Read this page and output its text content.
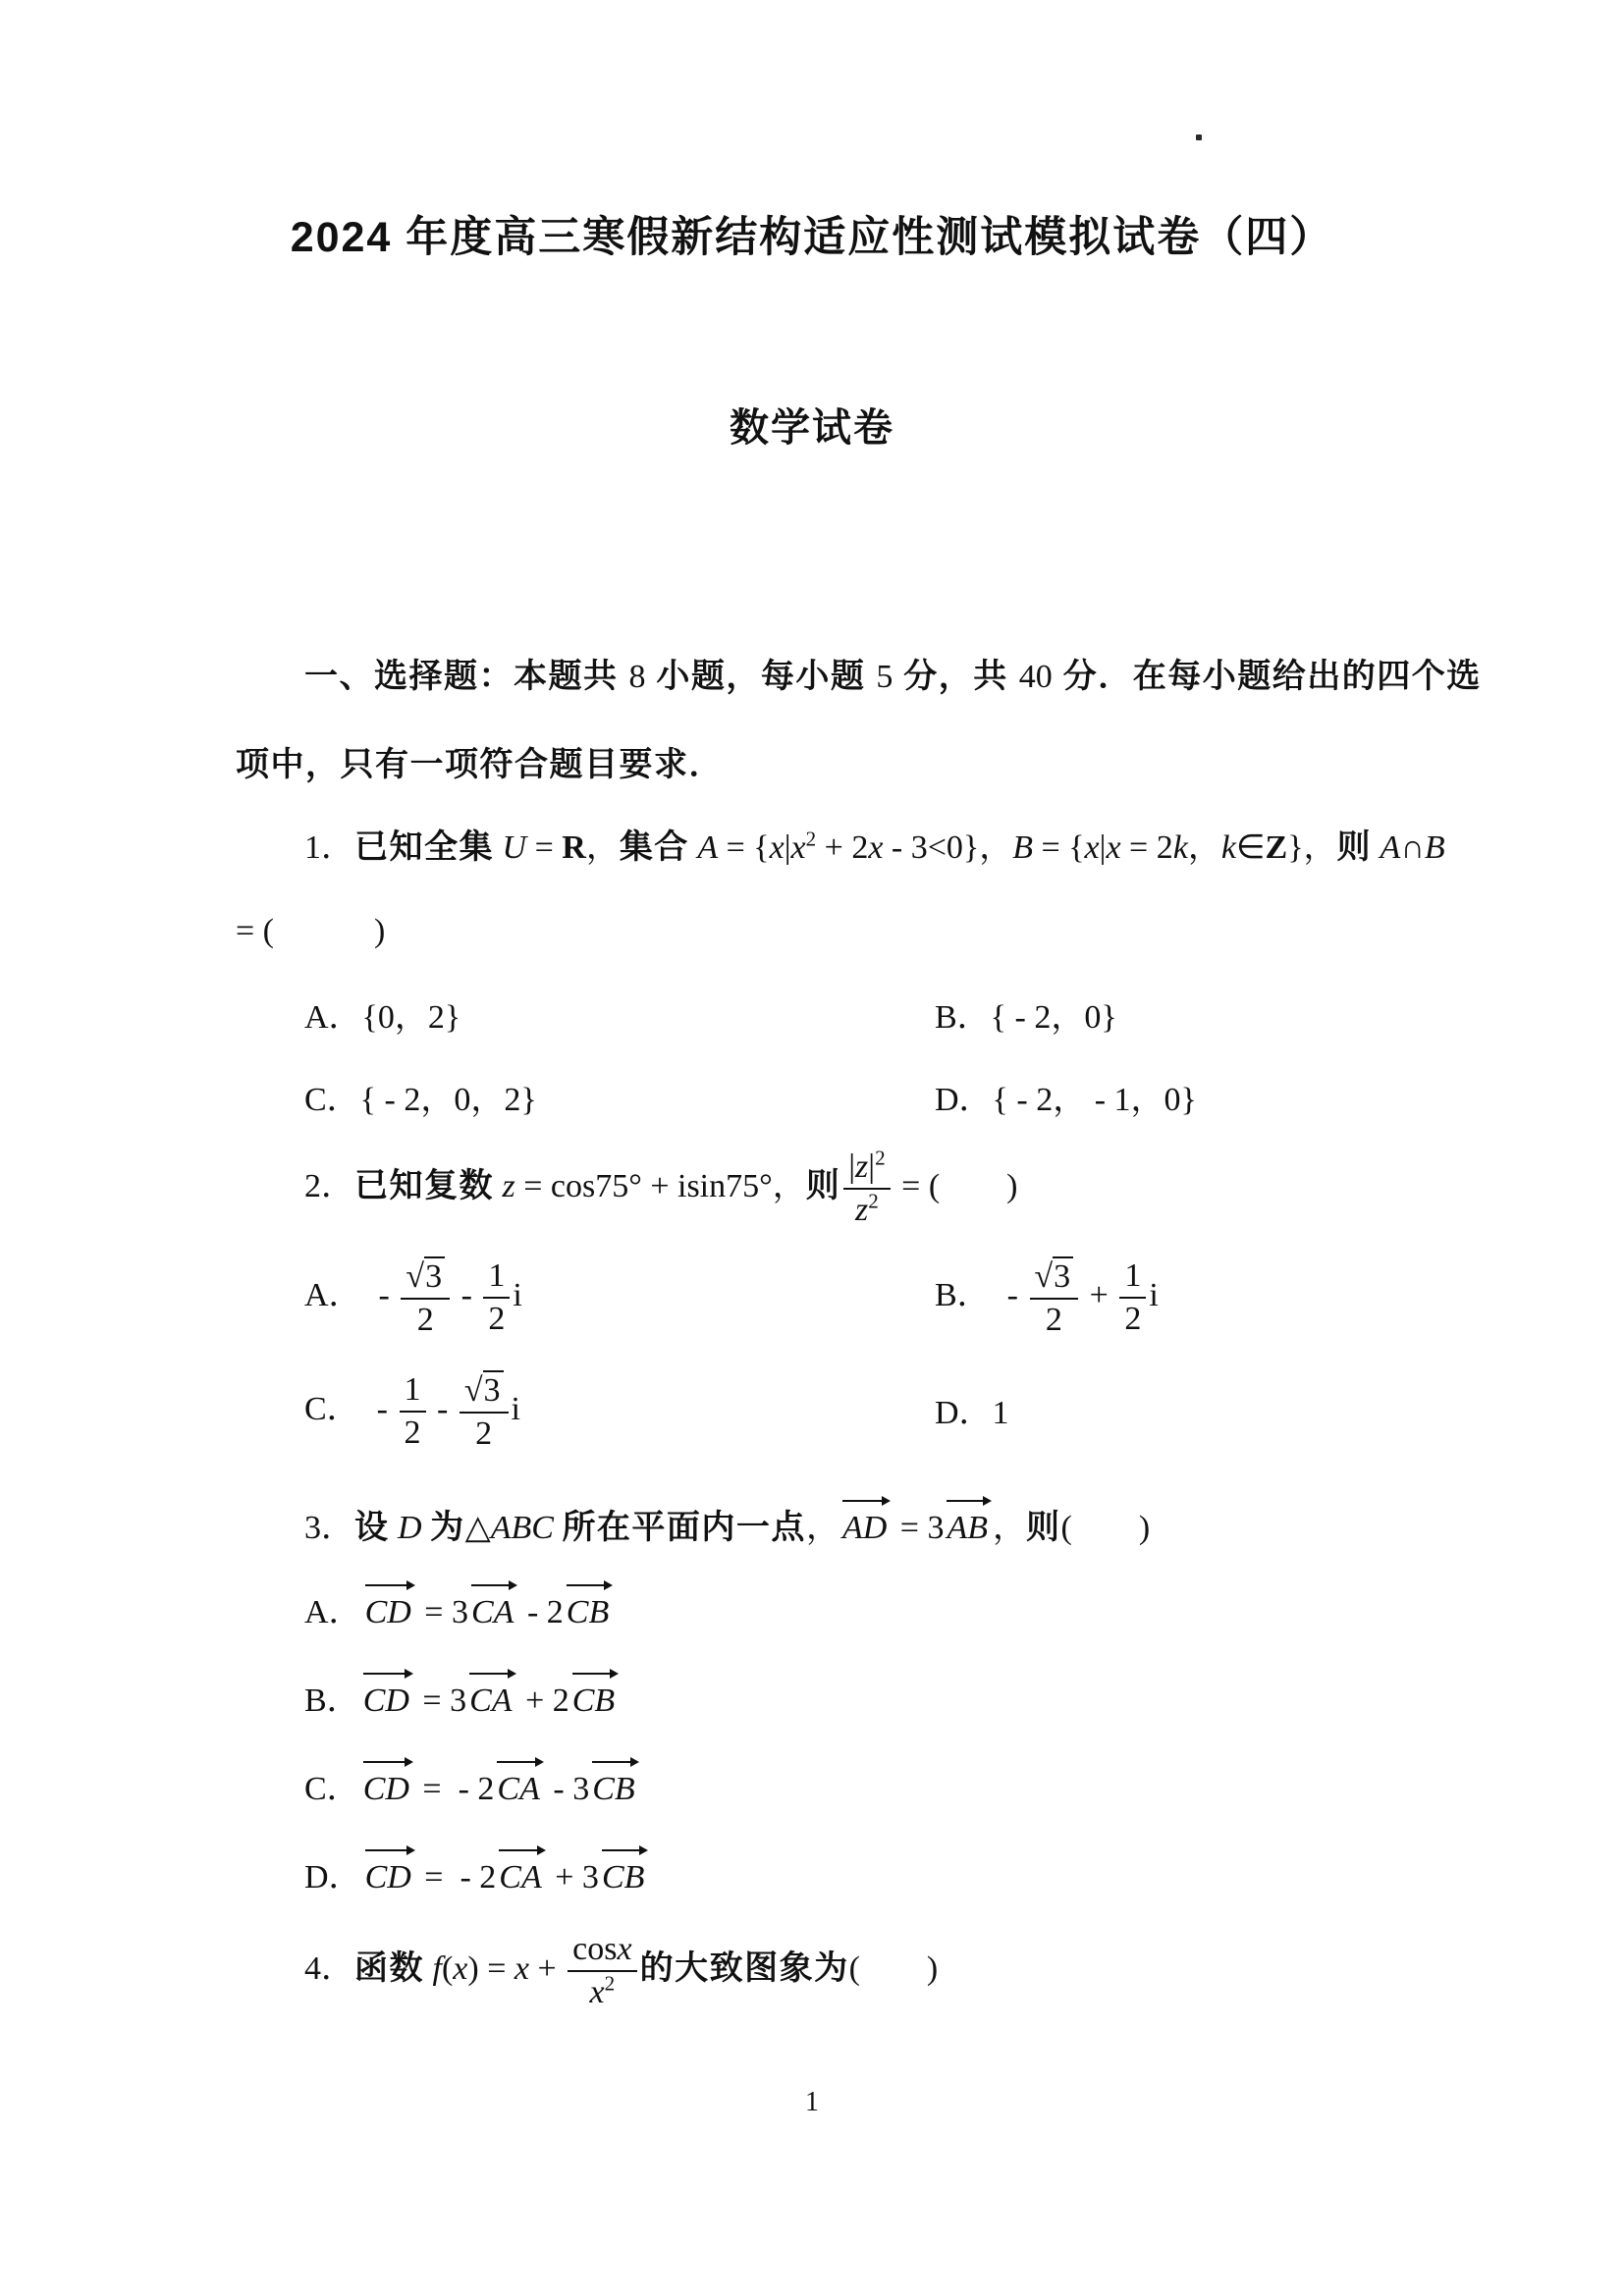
2024 年度高三寒假新结构适应性测试模拟试卷（四）
数学试卷
一、选择题：本题共 8 小题，每小题 5 分，共 40 分．在每小题给出的四个选
项中，只有一项符合题目要求．
1．已知全集 U = R，集合 $A = \{x|x^2 + 2x - 3<0\}$，B = {x|x = 2k，k∈Z}，则 A∩B
= (　　　)
A．{0，2}	B．{ - 2，0}
C．{ - 2，0，2}	D．{ - 2， - 1，0}
2．已知复数 z = cos75° + isin75°，则 $\frac{|z|^2}{z^2}$ = (　　)
A．  - $\frac{√3}{2} - \frac{1}{2}$ i	B．  - $\frac{√3}{2} + \frac{1}{2}$ i
C．  - $\frac{1}{2} - \frac{√3}{2}$ i	D．1
3．设 D 为△ABC 所在平面内一点，AD = 3AB ，则(　　)
A．CD = 3CA - 2CB
B．CD = 3CA + 2CB
C．CD =  - 2CA - 3CB
D．CD =  - 2CA + 3CB
4．函数 $f(x) = x + \frac{\cos x}{x^2}$ 的大致图象为(　　)
1
